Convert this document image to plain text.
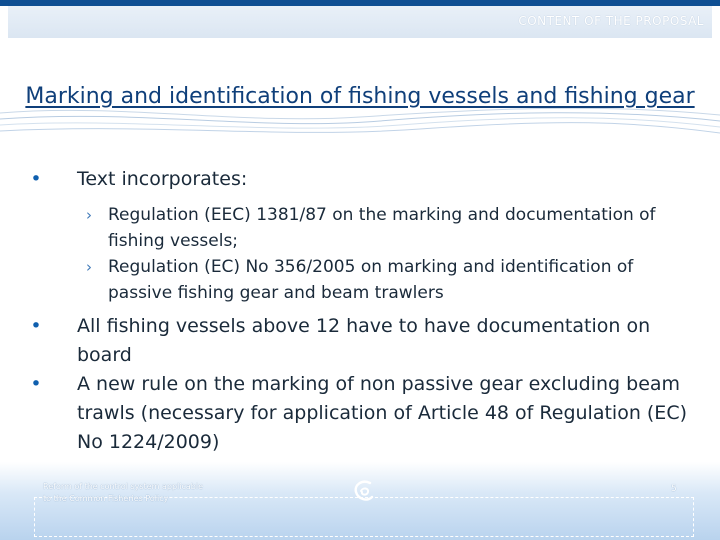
CONTENT OF THE PROPOSAL
Marking and identification of fishing vessels and fishing gear
• Text incorporates:
› Regulation (EEC) 1381/87 on the marking and documentation of fishing vessels;
› Regulation (EC) No 356/2005 on marking and identification of passive fishing gear and beam trawlers
• All fishing vessels above 12 have to have documentation on board
• A new rule on the marking of non passive gear excluding beam trawls (necessary for application of Article 48 of Regulation (EC) No 1224/2009)
Reform of the control system applicable
to the Common Fisheries Policy
5
